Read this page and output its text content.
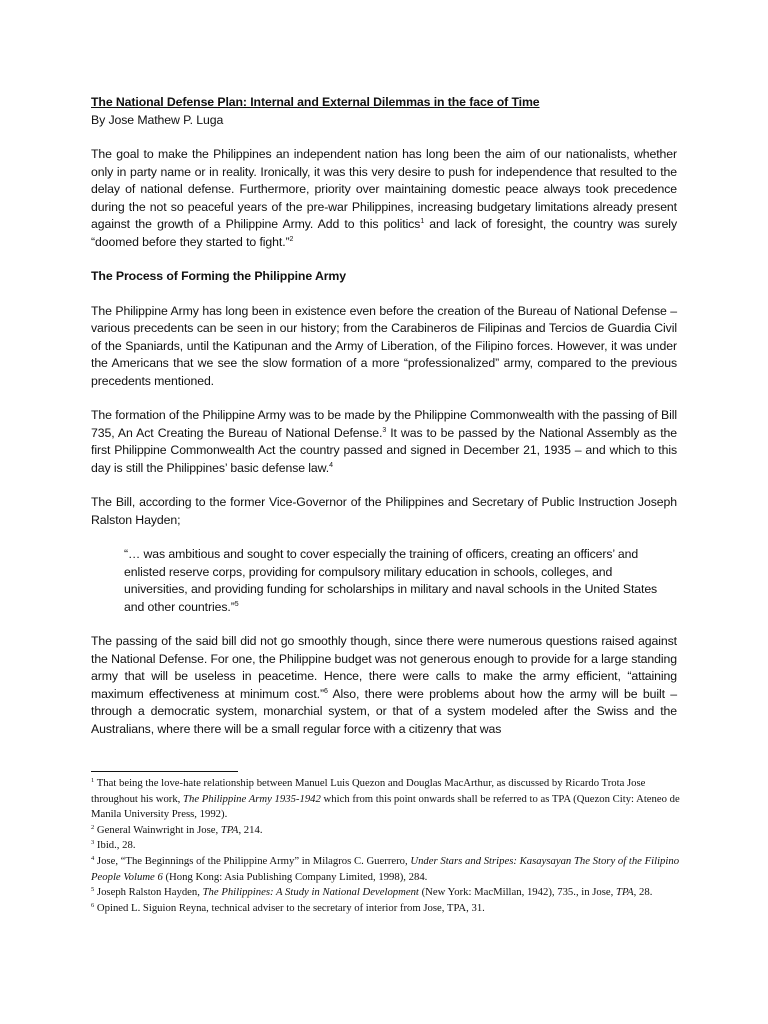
The National Defense Plan: Internal and External Dilemmas in the face of Time
By Jose Mathew P. Luga

The goal to make the Philippines an independent nation has long been the aim of our nationalists, whether only in party name or in reality. Ironically, it was this very desire to push for independence that resulted to the delay of national defense. Furthermore, priority over maintaining domestic peace always took precedence during the not so peaceful years of the pre-war Philippines, increasing budgetary limitations already present against the growth of a Philippine Army. Add to this politics$^1$ and lack of foresight, the country was surely “doomed before they started to fight.”$^2$

The Process of Forming the Philippine Army

The Philippine Army has long been in existence even before the creation of the Bureau of National Defense – various precedents can be seen in our history; from the Carabineros de Filipinas and Tercios de Guardia Civil of the Spaniards, until the Katipunan and the Army of Liberation, of the Filipino forces. However, it was under the Americans that we see the slow formation of a more “professionalized” army, compared to the previous precedents mentioned.

The formation of the Philippine Army was to be made by the Philippine Commonwealth with the passing of Bill 735, An Act Creating the Bureau of National Defense.$^3$ It was to be passed by the National Assembly as the first Philippine Commonwealth Act the country passed and signed in December 21, 1935 – and which to this day is still the Philippines’ basic defense law.$^4$

The Bill, according to the former Vice-Governor of the Philippines and Secretary of Public Instruction Joseph Ralston Hayden;

“… was ambitious and sought to cover especially the training of officers, creating an officers’ and enlisted reserve corps, providing for compulsory military education in schools, colleges, and universities, and providing funding for scholarships in military and naval schools in the United States and other countries.”$^5$

The passing of the said bill did not go smoothly though, since there were numerous questions raised against the National Defense. For one, the Philippine budget was not generous enough to provide for a large standing army that will be useless in peacetime. Hence, there were calls to make the army efficient, “attaining maximum effectiveness at minimum cost.”$^6$ Also, there were problems about how the army will be built – through a democratic system, monarchial system, or that of a system modeled after the Swiss and the Australians, where there will be a small regular force with a citizenry that was

$^1$ That being the love-hate relationship between Manuel Luis Quezon and Douglas MacArthur, as discussed by Ricardo Trota Jose throughout his work, The Philippine Army 1935-1942 which from this point onwards shall be referred to as TPA (Quezon City: Ateneo de Manila University Press, 1992).
$^2$ General Wainwright in Jose, TPA, 214.
$^3$ Ibid., 28.
$^4$ Jose, “The Beginnings of the Philippine Army” in Milagros C. Guerrero, Under Stars and Stripes: Kasaysayan The Story of the Filipino People Volume 6 (Hong Kong: Asia Publishing Company Limited, 1998), 284.
$^5$ Joseph Ralston Hayden, The Philippines: A Study in National Development (New York: MacMillan, 1942), 735., in Jose, TPA, 28.
$^6$ Opined L. Siguion Reyna, technical adviser to the secretary of interior from Jose, TPA, 31.
